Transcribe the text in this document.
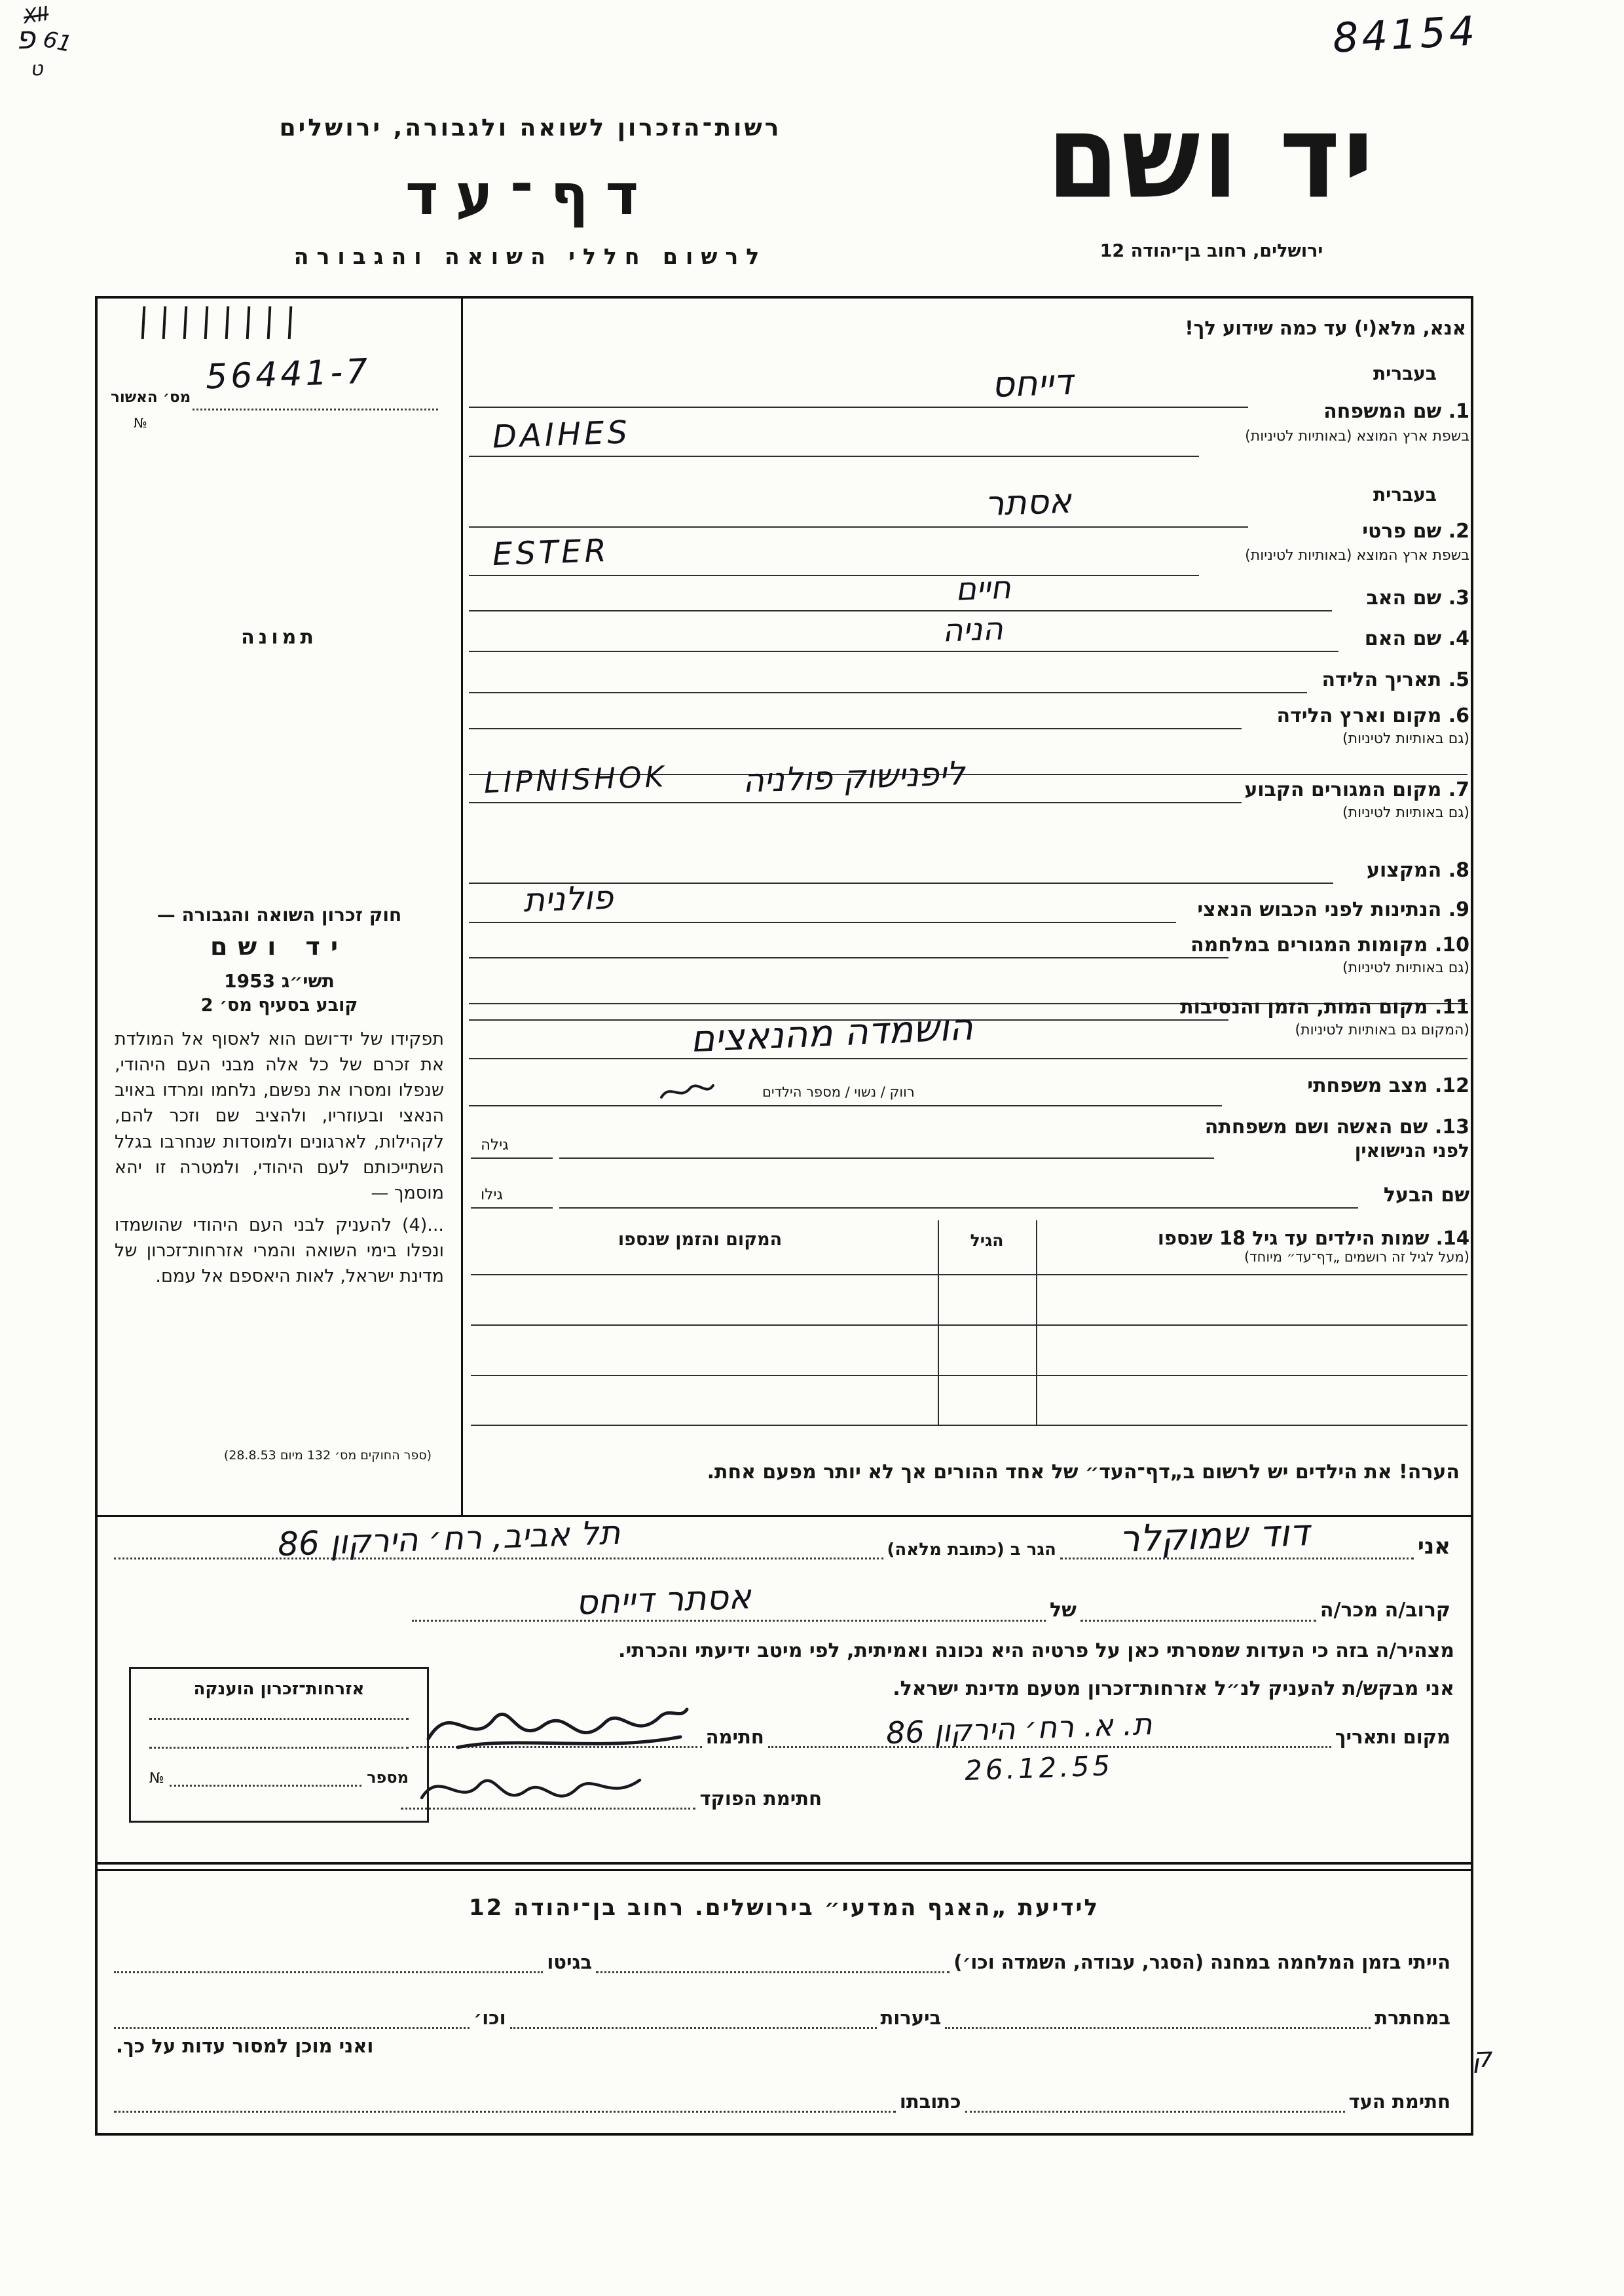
XII
פ 61
ט
84154
ק
רשות־הזכרון לשואה ולגבורה, ירושלים
דף־עד
לרשום חללי השואה והגבורה
יד ושם
ירושלים, רחוב בן־יהודה 12
56441-7
מס׳ האשור
№
תמונה
חוק זכרון השואה והגבורה —
יד ושם
תשי״ג 1953
קובע בסעיף מס׳ 2

תפקידו של יד־ושם הוא לאסוף אל המולדת את זכרם של כל אלה מבני העם היהודי, שנפלו ומסרו את נפשם, נלחמו ומרדו באויב הנאצי ובעוזריו, ולהציב שם וזכר להם, לקהילות, לארגונים ולמוסדות שנחרבו בגלל השתייכותם לעם היהודי, ולמטרה זו יהא מוסמך —

...(4) להעניק לבני העם היהודי שהושמדו ונפלו בימי השואה והמרי אזרחות־זכרון של מדינת ישראל, לאות היאספם אל עמם.

(ספר החוקים מס׳ 132 מיום 28.8.53)
אנא, מלא(י) עד כמה שידוע לך!
בעברית
1. שם המשפחה
בשפת ארץ המוצא (באותיות לטיניות)
דייחס
DAIHES
בעברית
2. שם פרטי
בשפת ארץ המוצא (באותיות לטיניות)
אסתר
ESTER
3. שם האב
חיים
4. שם האם
הניה
5. תאריך הלידה
6. מקום וארץ הלידה
(גם באותיות לטיניות)
7. מקום המגורים הקבוע
(גם באותיות לטיניות)
LIPNISHOK ליפנישוק פולניה
8. המקצוע
9. הנתינות לפני הכבוש הנאצי
פולנית
10. מקומות המגורים במלחמה
(גם באותיות לטיניות)
11. מקום המות, הזמן והנסיבות
(המקום גם באותיות לטיניות)
הושמדה מהנאצים
12. מצב משפחתי
רווק / נשוי / מספר הילדים
13. שם האשה ושם משפחתה
לפני הנישואין
גילה
שם הבעל
גילו
14. שמות הילדים עד גיל 18 שנספו
(מעל לגיל זה רושמים „דף־עד״ מיוחד)
הגיל
המקום והזמן שנספו
הערה! את הילדים יש לרשום ב„דף־העד״ של אחד ההורים אך לא יותר מפעם אחת.
אני
דוד שמוקלר
הגר ב (כתובת מלאה)
תל אביב, רח׳ הירקון 86
קרוב/ה מכר/ה
של
אסתר דייחס
מצהיר/ה בזה כי העדות שמסרתי כאן על פרטיה היא נכונה ואמיתית, לפי מיטב ידיעתי והכרתי.
אני מבקש/ת להעניק לנ״ל אזרחות־זכרון מטעם מדינת ישראל.
מקום ותאריך
ת. א. רח׳ הירקון 86
26.12.55
חתימה
חתימת הפוקד
אזרחות־זכרון הוענקה
מספר
№
לידיעת „האגף המדעי״ בירושלים. רחוב בן־יהודה 12
הייתי בזמן המלחמה במחנה (הסגר, עבודה, השמדה וכו׳)
בגיטו
במחתרת
ביערות
וכו׳
ואני מוכן למסור עדות על כך.
חתימת העד
כתובתו
